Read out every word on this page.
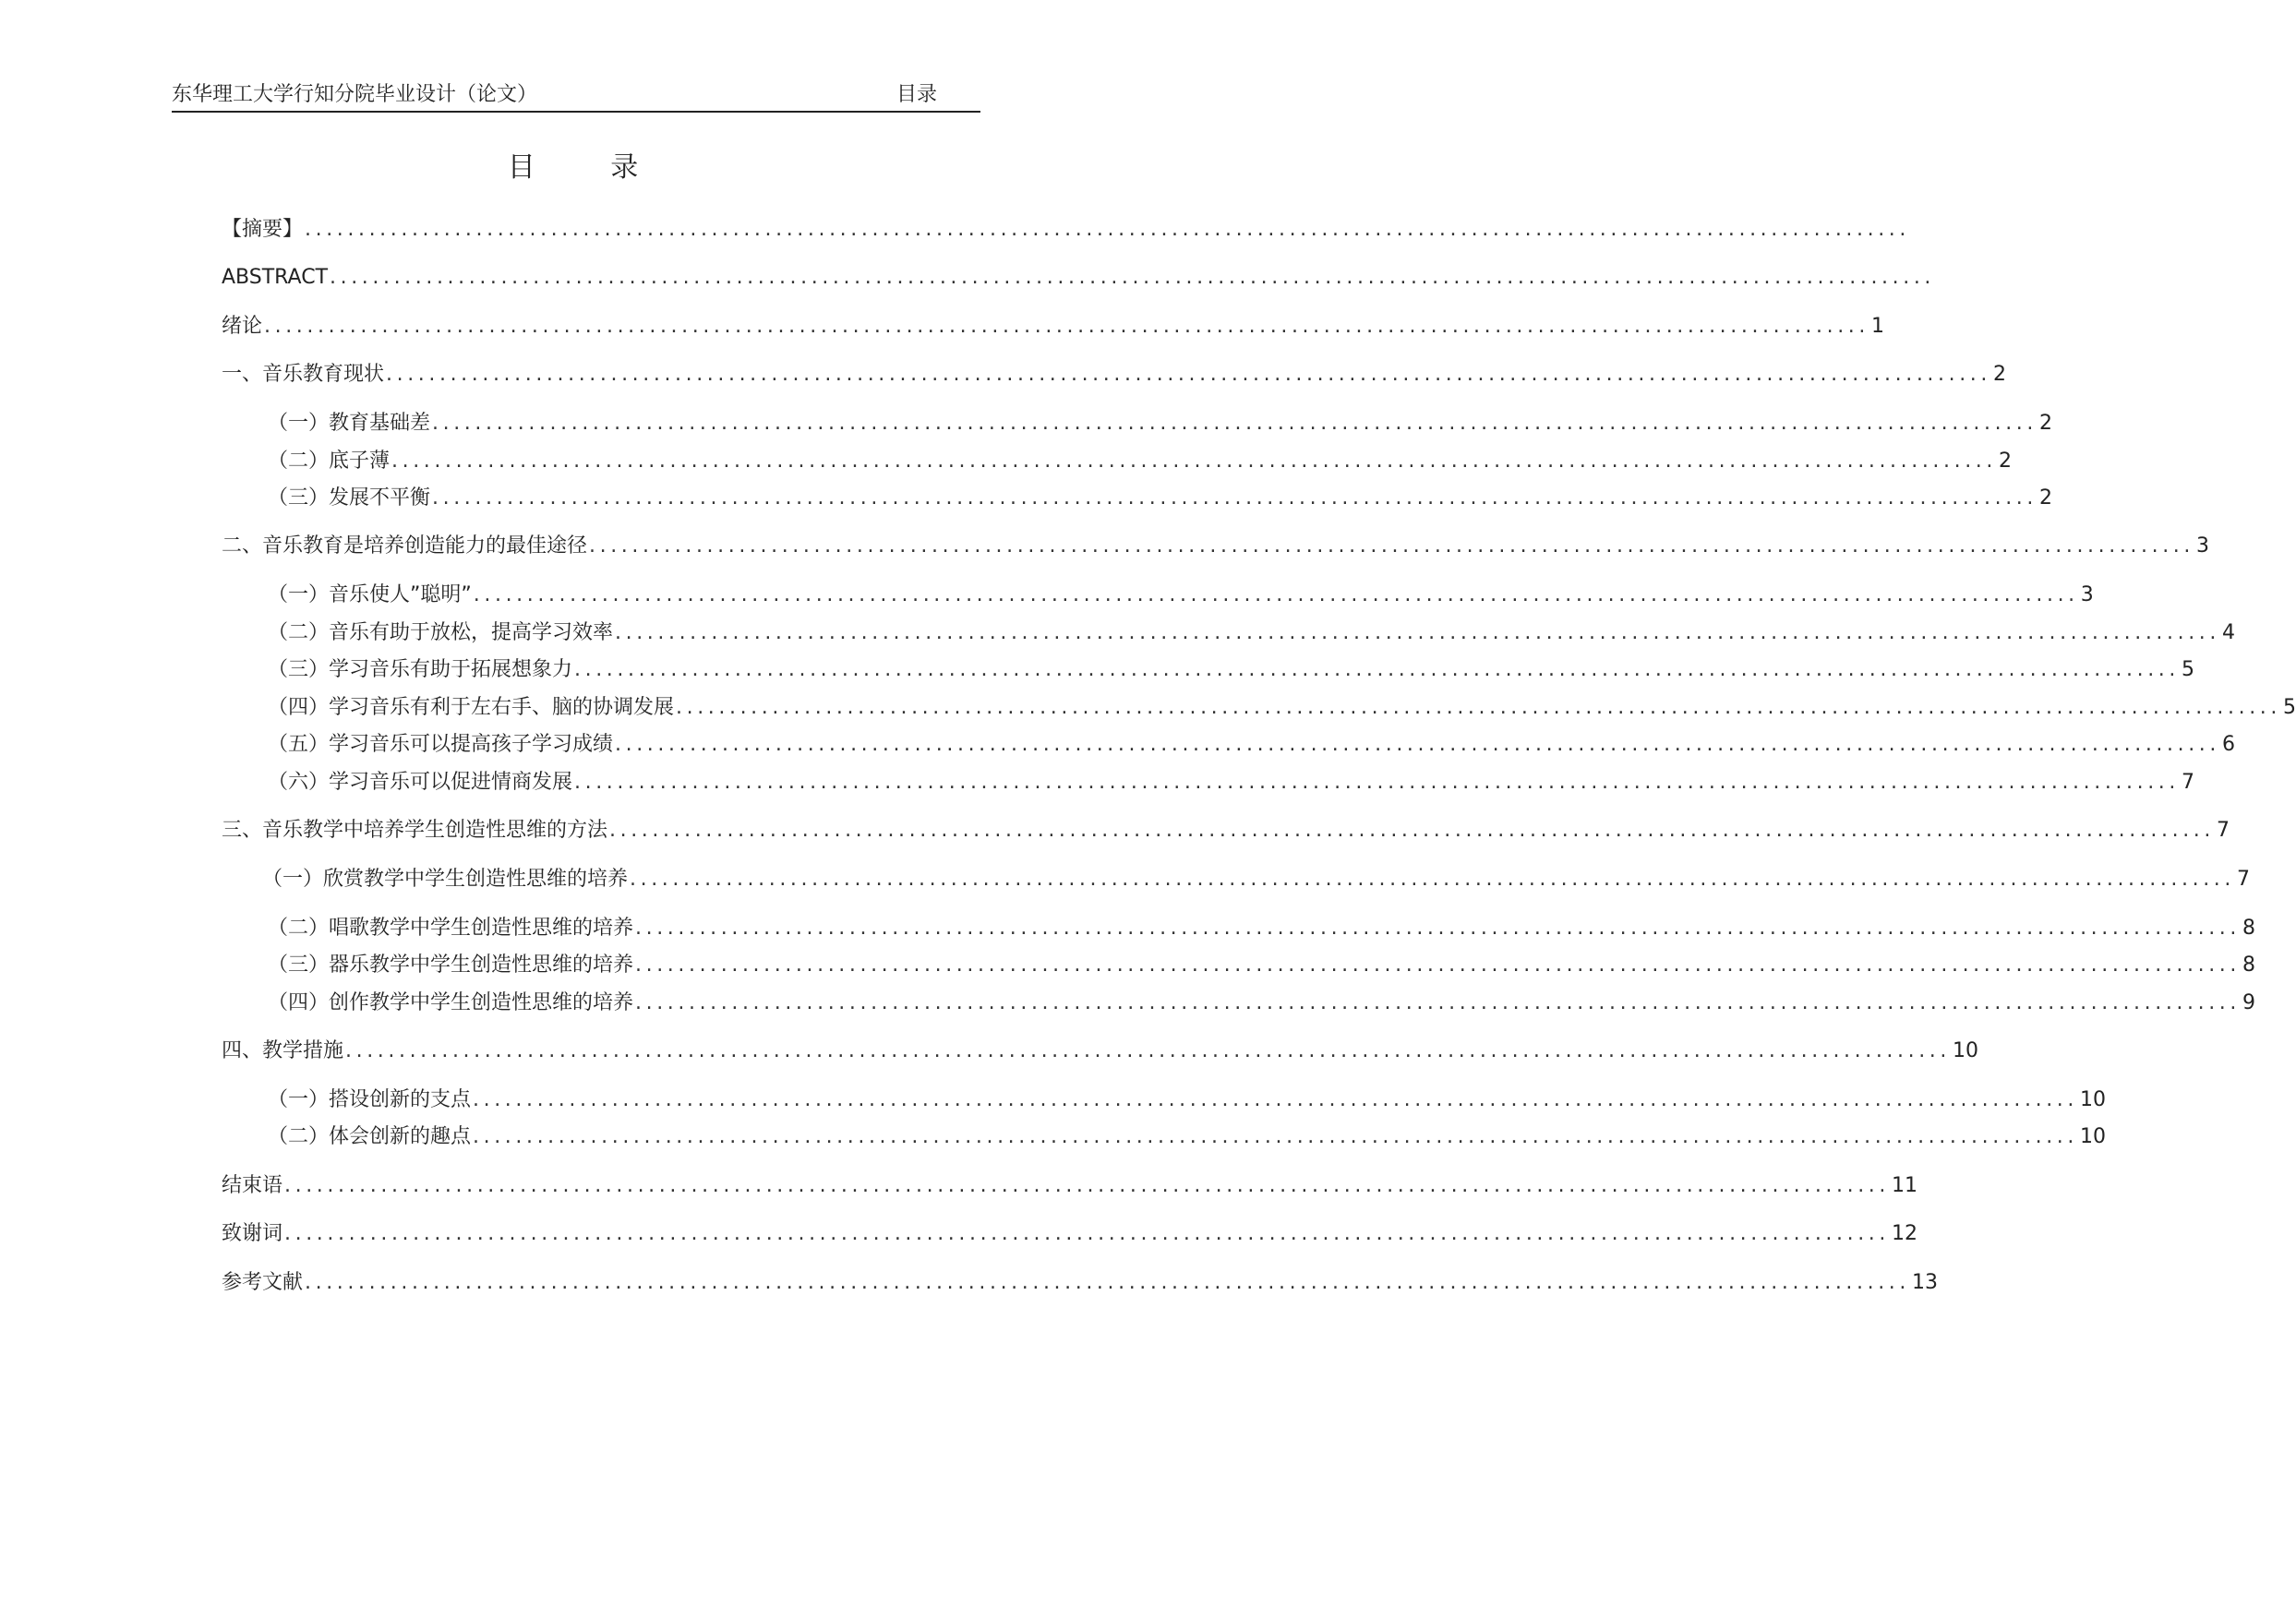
东华理工大学行知分院毕业设计（论文）	目录
目 录
【摘要】 ......................................................................................................................................................
ABSTRACT ......................................................................................................................................................
绪论 ...................................................................................................................................................... 1
一、音乐教育现状 ...................................................................................................................................................... 2
（一）教育基础差 ...................................................................................................................................................... 2
（二）底子薄 ...................................................................................................................................................... 2
（三）发展不平衡 ...................................................................................................................................................... 2
二、音乐教育是培养创造能力的最佳途径 ...................................................................................................................................................... 3
（一）音乐使人”聪明” ...................................................................................................................................................... 3
（二）音乐有助于放松，提高学习效率 ...................................................................................................................................................... 4
（三）学习音乐有助于拓展想象力 ...................................................................................................................................................... 5
（四）学习音乐有利于左右手、脑的协调发展 ...................................................................................................................................................... 5
（五）学习音乐可以提高孩子学习成绩 ...................................................................................................................................................... 6
（六）学习音乐可以促进情商发展 ...................................................................................................................................................... 7
三、音乐教学中培养学生创造性思维的方法 ...................................................................................................................................................... 7
（一）欣赏教学中学生创造性思维的培养 ...................................................................................................................................................... 7
（二）唱歌教学中学生创造性思维的培养 ...................................................................................................................................................... 8
（三）器乐教学中学生创造性思维的培养 ...................................................................................................................................................... 8
（四）创作教学中学生创造性思维的培养 ...................................................................................................................................................... 9
四、教学措施 ...................................................................................................................................................... 10
（一）搭设创新的支点 ...................................................................................................................................................... 10
（二）体会创新的趣点 ...................................................................................................................................................... 10
结束语 ...................................................................................................................................................... 11
致谢词 ...................................................................................................................................................... 12
参考文献 ...................................................................................................................................................... 13
